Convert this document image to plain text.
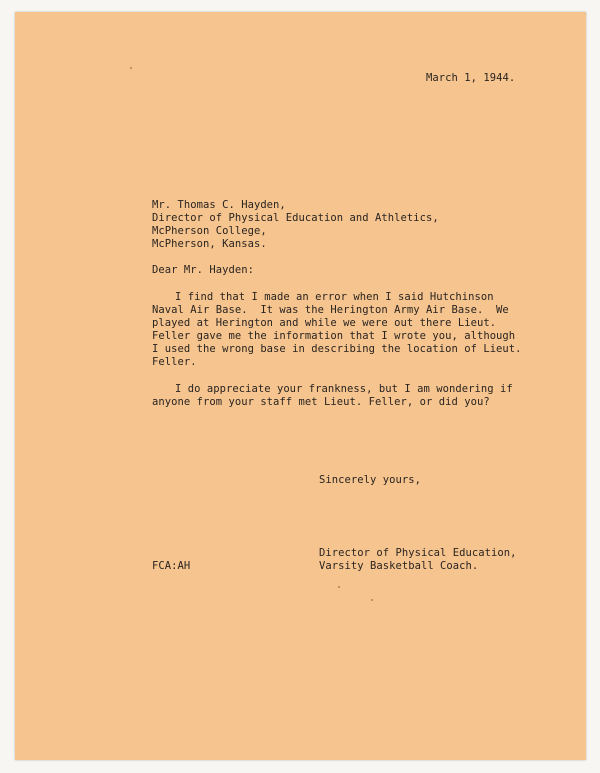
March 1, 1944.
Mr. Thomas C. Hayden,
Director of Physical Education and Athletics,
McPherson College,
McPherson, Kansas.
Dear Mr. Hayden:
I find that I made an error when I said Hutchinson
Naval Air Base.  It was the Herington Army Air Base.  We
played at Herington and while we were out there Lieut.
Feller gave me the information that I wrote you, although
I used the wrong base in describing the location of Lieut.
Feller.
I do appreciate your frankness, but I am wondering if
anyone from your staff met Lieut. Feller, or did you?
Sincerely yours,
Director of Physical Education,
Varsity Basketball Coach.
FCA:AH
